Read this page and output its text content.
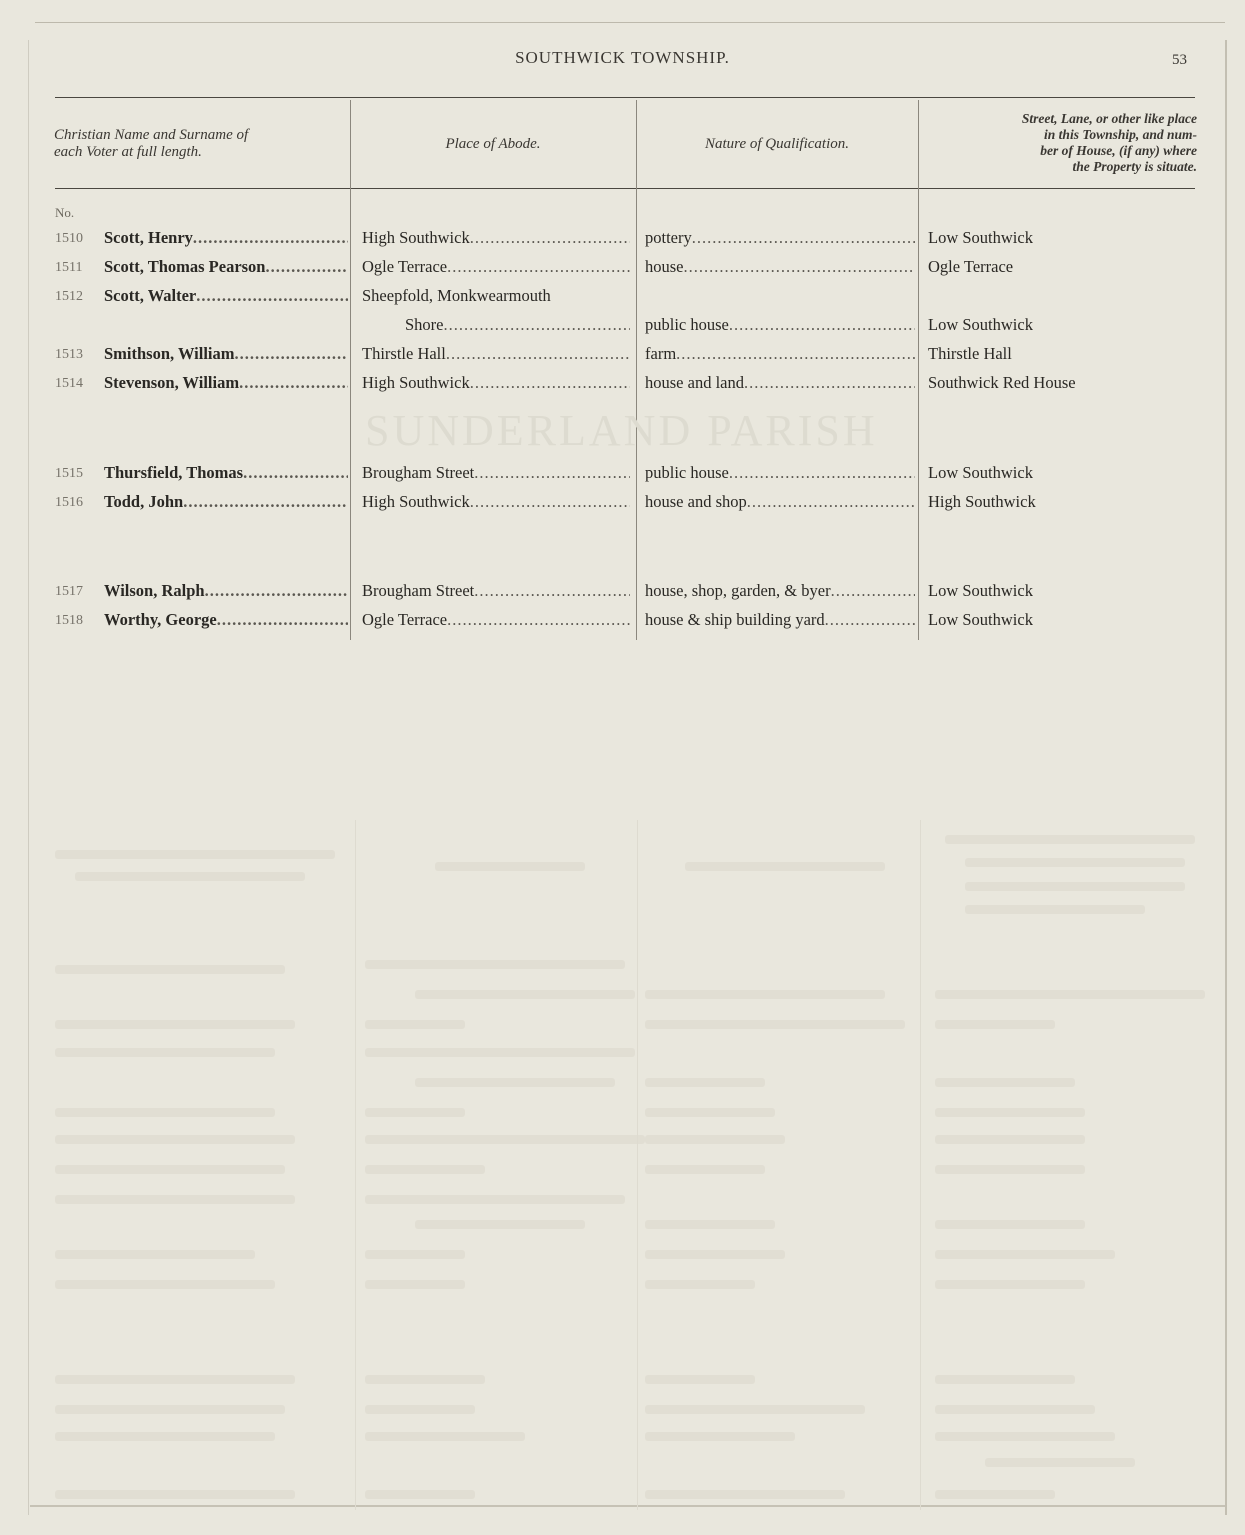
SOUTHWICK TOWNSHIP.	53
Christian Name and Surname of
each Voter at full length.
Place of Abode.	Nature of Qualification.
Street, Lane, or other like place
in this Township, and num-
ber of House, (if any) where
the Property is situate.
No.
SUNDERLAND PARISH
1510	Scott, Henry .....	High Southwick .....	pottery .....	Low Southwick
1511	Scott, Thomas Pearson .....	Ogle Terrace .....	house .....	Ogle Terrace
1512	Scott, Walter .....	Sheepfold, Monkwearmouth
Shore .....	public house .....	Low Southwick
1513	Smithson, William .....	Thirstle Hall .....	farm .....	Thirstle Hall
1514	Stevenson, William .....	High Southwick .....	house and land .....	Southwick Red House
1515	Thursfield, Thomas .....	Brougham Street .....	public house .....	Low Southwick
1516	Todd, John .....	High Southwick .....	house and shop .....	High Southwick
1517	Wilson, Ralph .....	Brougham Street .....	house, shop, garden, & byer .....	Low Southwick
1518	Worthy, George .....	Ogle Terrace .....	house & ship building yard .....	Low Southwick
